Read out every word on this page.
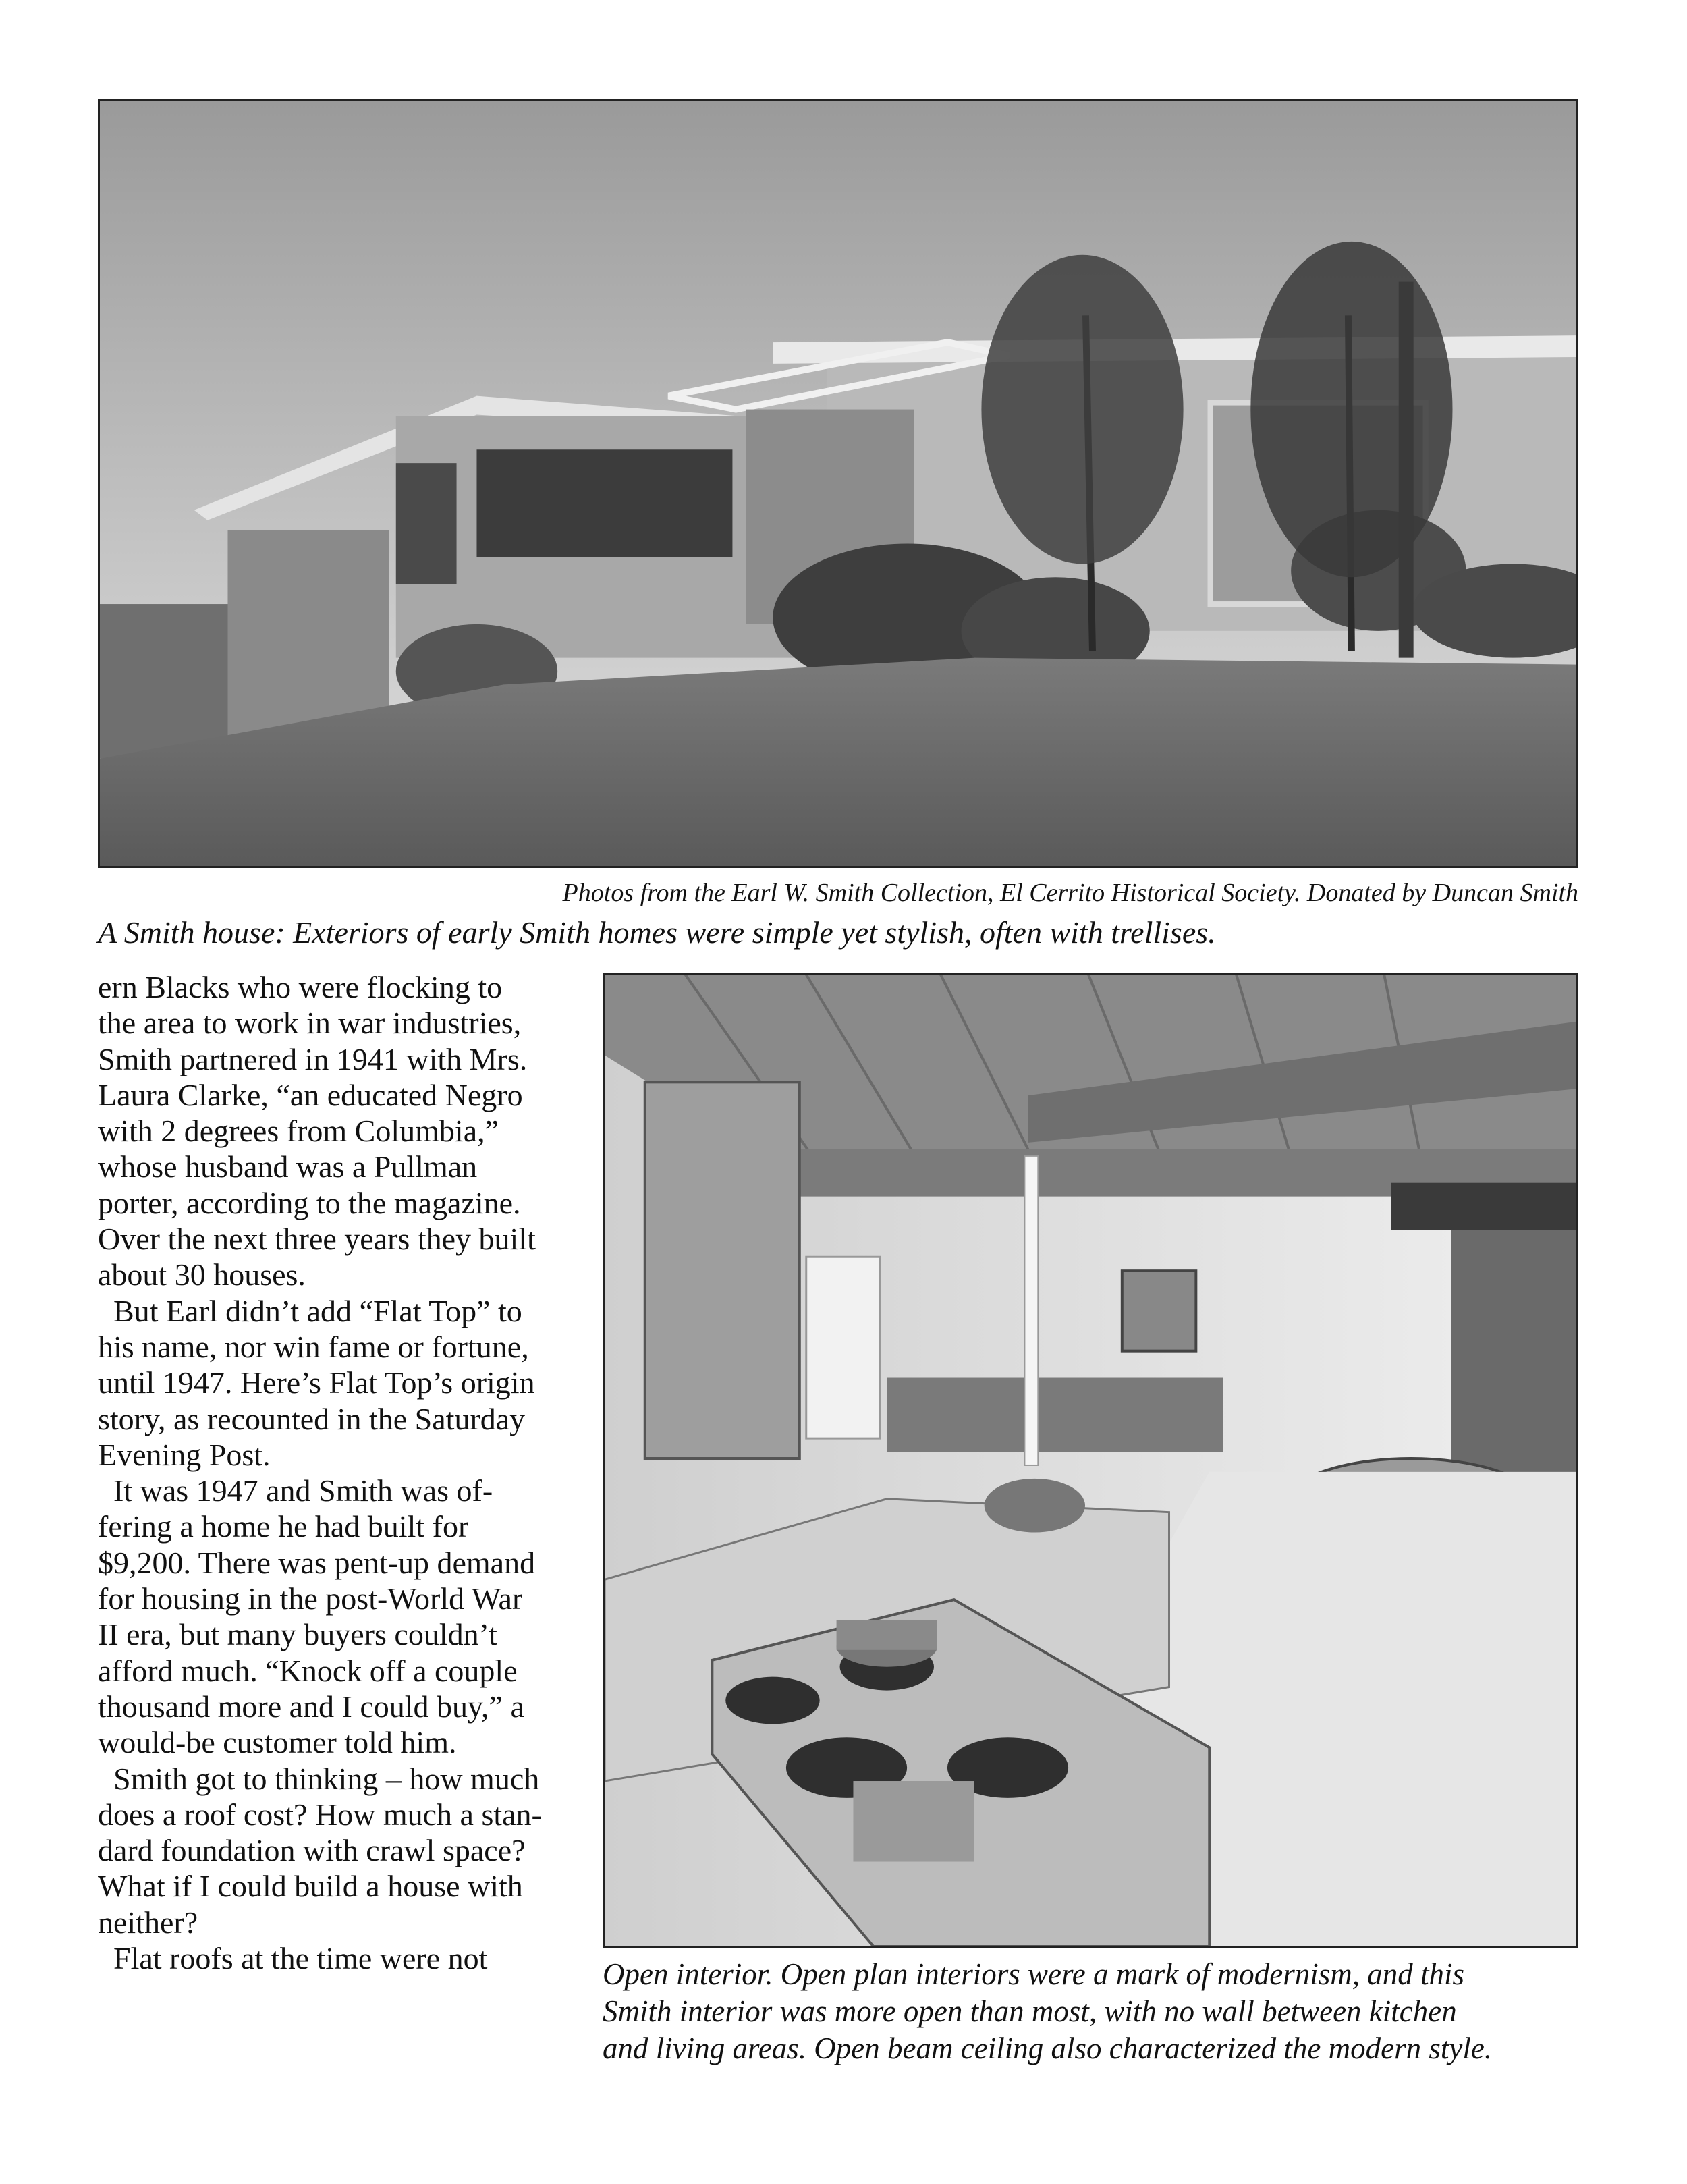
Photos from the Earl W. Smith Collection, El Cerrito Historical Society. Donated by Duncan Smith
A Smith house: Exteriors of early Smith homes were simple yet stylish, often with trellises.
ern Blacks who were flocking to
the area to work in war industries,
Smith partnered in 1941 with Mrs.
Laura Clarke, “an educated Negro
with 2 degrees from Columbia,”
whose husband was a Pullman
porter, according to the magazine.
Over the next three years they built
about 30 houses.
But Earl didn’t add “Flat Top” to
his name, nor win fame or fortune,
until 1947. Here’s Flat Top’s origin
story, as recounted in the Saturday
Evening Post.
It was 1947 and Smith was of-
fering a home he had built for
$9,200. There was pent-up demand
for housing in the post-World War
II era, but many buyers couldn’t
afford much. “Knock off a couple
thousand more and I could buy,” a
would-be customer told him.
Smith got to thinking – how much
does a roof cost? How much a stan-
dard foundation with crawl space?
What if I could build a house with
neither?
Flat roofs at the time were not	Open interior. Open plan interiors were a mark of modernism, and this
Smith interior was more open than most, with no wall between kitchen
and living areas. Open beam ceiling also characterized the modern style.
